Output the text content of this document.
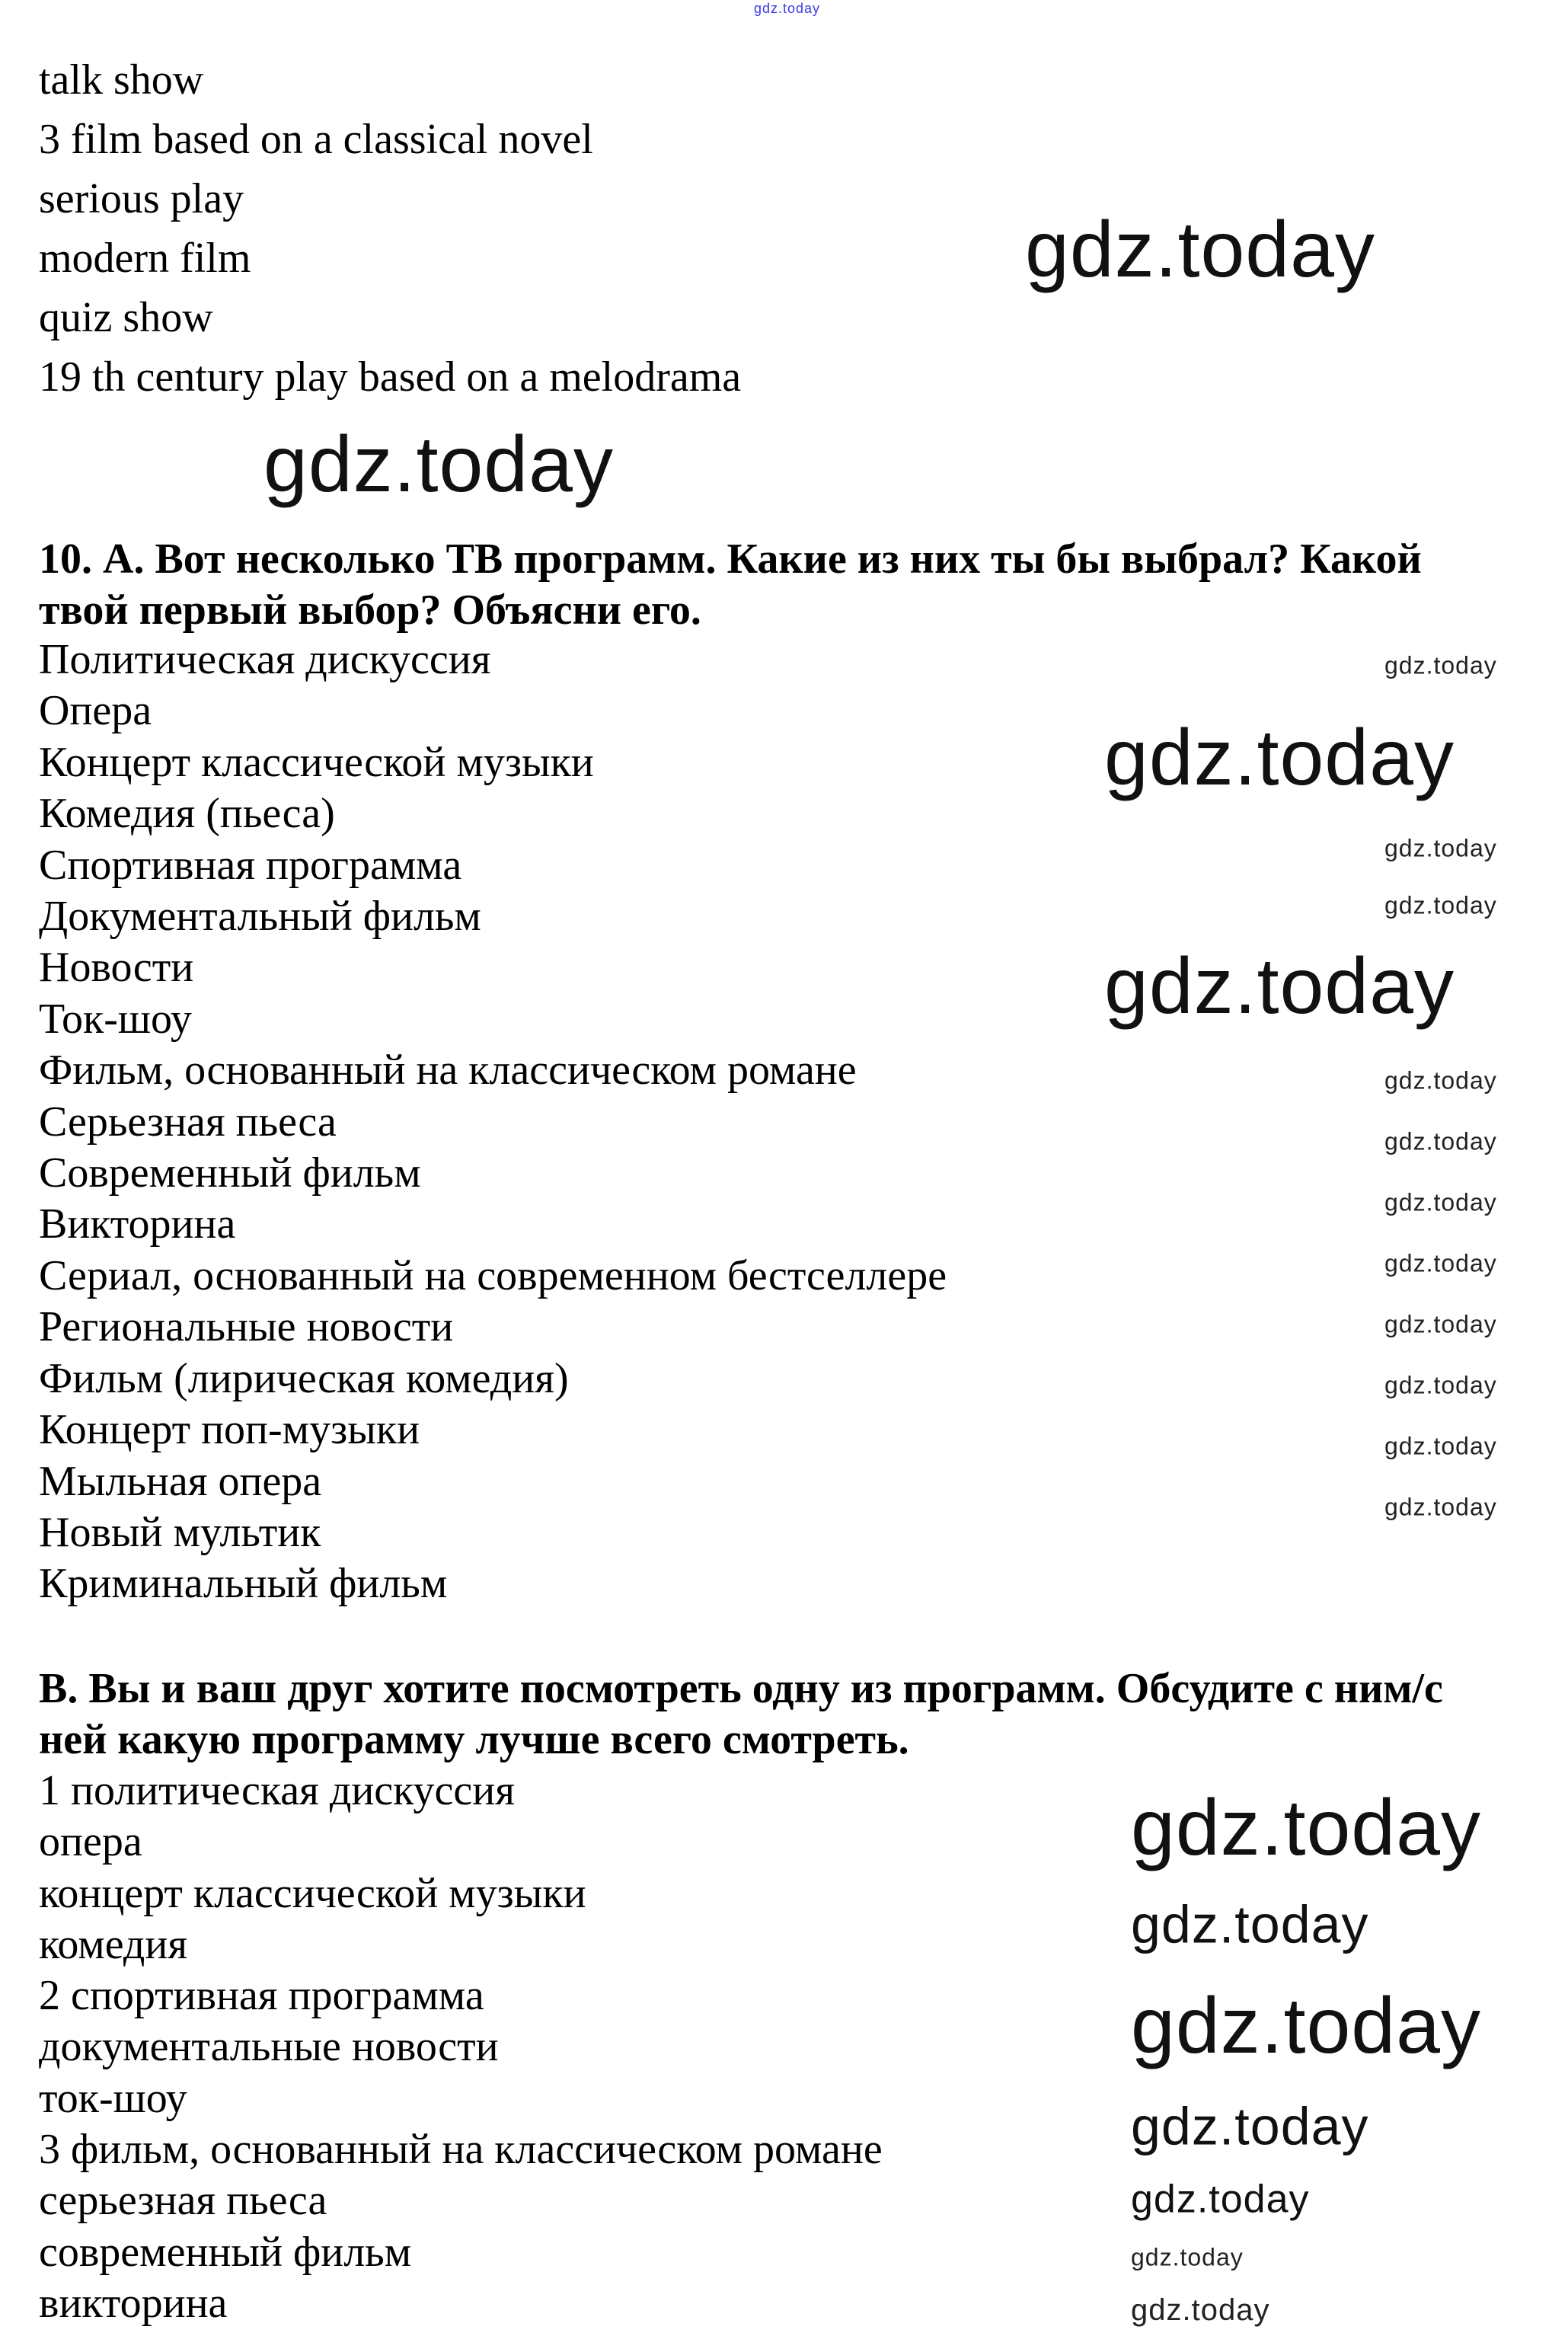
talk show
3 film based on a classical novel
serious play
modern film
quiz show
19 th century play based on a melodrama
10. А. Вот несколько ТВ программ. Какие из них ты бы выбрал? Какой
твой первый выбор? Объясни его.
Политическая дискуссия
Опера
Концерт классической музыки
Комедия (пьеса)
Спортивная программа
Документальный фильм
Новости
Ток-шоу
Фильм, основанный на классическом романе
Серьезная пьеса
Современный фильм
Викторина
Сериал, основанный на современном бестселлере
Региональные новости
Фильм (лирическая комедия)
Концерт поп-музыки
Мыльная опера
Новый мультик
Криминальный фильм
В. Вы и ваш друг хотите посмотреть одну из программ. Обсудите с ним/с
ней какую программу лучше всего смотреть.
1 политическая дискуссия
опера
концерт классической музыки
комедия
2 спортивная программа
документальные новости
ток-шоу
3 фильм, основанный на классическом романе
серьезная пьеса
современный фильм
викторина
gdz.today
gdz.today
gdz.today
gdz.today
gdz.today
gdz.today
gdz.today
gdz.today
gdz.today
gdz.today
gdz.today
gdz.today
gdz.today
gdz.today
gdz.today
gdz.today
gdz.today
gdz.today
gdz.today
gdz.today
gdz.today
gdz.today
gdz.today
